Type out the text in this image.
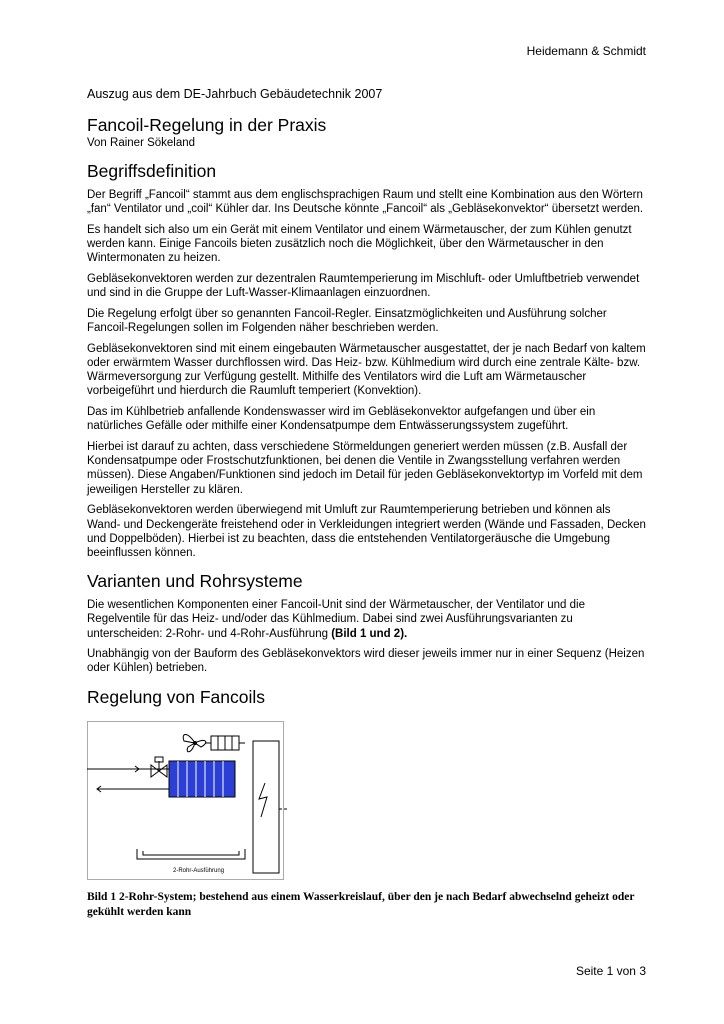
Heidemann & Schmidt
Auszug aus dem DE-Jahrbuch Gebäudetechnik 2007
Fancoil-Regelung in der Praxis
Von Rainer Sökeland
Begriffsdefinition

Der Begriff „Fancoil“ stammt aus dem englischsprachigen Raum und stellt eine Kombination aus den Wörtern „fan“ Ventilator und „coil“ Kühler dar. Ins Deutsche könnte „Fancoil“ als „Gebläsekonvektor“ übersetzt werden.

Es handelt sich also um ein Gerät mit einem Ventilator und einem Wärmetauscher, der zum Kühlen genutzt werden kann. Einige Fancoils bieten zusätzlich noch die Möglichkeit, über den Wärmetauscher in den Wintermonaten zu heizen.

Gebläsekonvektoren werden zur dezentralen Raumtemperierung im Mischluft- oder Umluftbetrieb verwendet und sind in die Gruppe der Luft-Wasser-Klimaanlagen einzuordnen.

Die Regelung erfolgt über so genannten Fancoil-Regler. Einsatzmöglichkeiten und Ausführung solcher Fancoil-Regelungen sollen im Folgenden näher beschrieben werden.

Gebläsekonvektoren sind mit einem eingebauten Wärmetauscher ausgestattet, der je nach Bedarf von kaltem oder erwärmtem Wasser durchflossen wird. Das Heiz- bzw. Kühlmedium wird durch eine zentrale Kälte- bzw. Wärmeversorgung zur Verfügung gestellt. Mithilfe des Ventilators wird die Luft am Wärmetauscher vorbeigeführt und hierdurch die Raumluft temperiert (Konvektion).

Das im Kühlbetrieb anfallende Kondenswasser wird im Gebläsekonvektor aufgefangen und über ein natürliches Gefälle oder mithilfe einer Kondensatpumpe dem Entwässerungssystem zugeführt.

Hierbei ist darauf zu achten, dass verschiedene Störmeldungen generiert werden müssen (z.B. Ausfall der Kondensatpumpe oder Frostschutzfunktionen, bei denen die Ventile in Zwangsstellung verfahren werden müssen). Diese Angaben/Funktionen sind jedoch im Detail für jeden Gebläsekonvektortyp im Vorfeld mit dem jeweiligen Hersteller zu klären.

Gebläsekonvektoren werden überwiegend mit Umluft zur Raumtemperierung betrieben und können als Wand- und Deckengeräte freistehend oder in Verkleidungen integriert werden (Wände und Fassaden, Decken und Doppelböden). Hierbei ist zu beachten, dass die entstehenden Ventilatorgeräusche die Umgebung beeinflussen können.

Varianten und Rohrsysteme

Die wesentlichen Komponenten einer Fancoil-Unit sind der Wärmetauscher, der Ventilator und die Regelventile für das Heiz- und/oder das Kühlmedium. Dabei sind zwei Ausführungsvarianten zu unterscheiden: 2-Rohr- und 4-Rohr-Ausführung (Bild 1 und 2).

Unabhängig von der Bauform des Gebläsekonvektors wird dieser jeweils immer nur in einer Sequenz (Heizen oder Kühlen) betrieben.

Regelung von Fancoils
2-Rohr-Ausführung
Bild 1 2-Rohr-System; bestehend aus einem Wasserkreislauf, über den je nach Bedarf abwechselnd geheizt oder gekühlt werden kann
Seite 1 von 3
